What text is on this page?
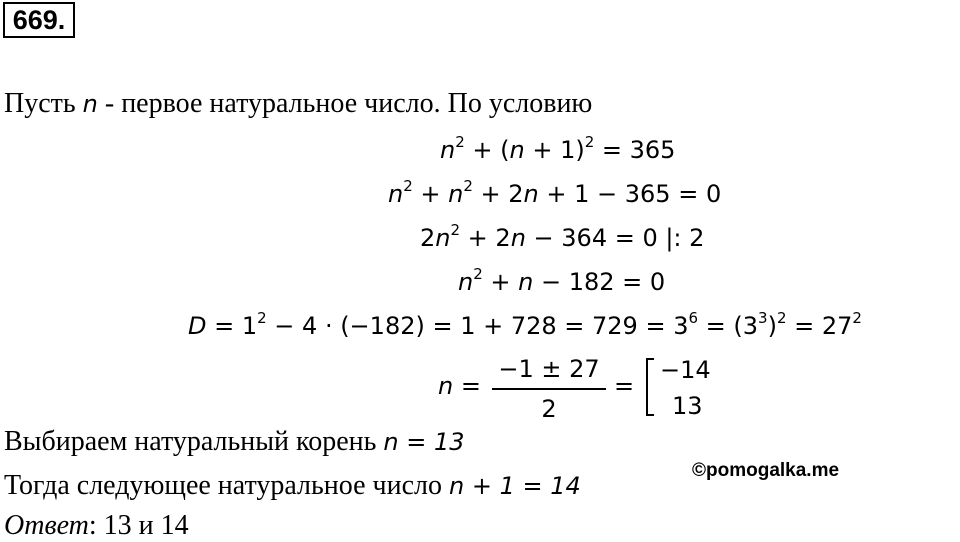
669.
Пусть n - первое натуральное число. По условию
$n^2 + (n + 1)^2 = 365$
$n^2 + n^2 + 2n + 1 - 365 = 0$
$2n^2 + 2n - 364 = 0$ |: 2
$n^2 + n - 182 = 0$
$D = 1^2 - 4 \cdot (-182) = 1 + 728 = 729 = 3^6 = (3^3)^2 = 27^2$
n =
−1 ± 27
2
=
−14
13
Выбираем натуральный корень n = 13
©pomogalka.me
Тогда следующее натуральное число n + 1 = 14
Ответ: 13 и 14
